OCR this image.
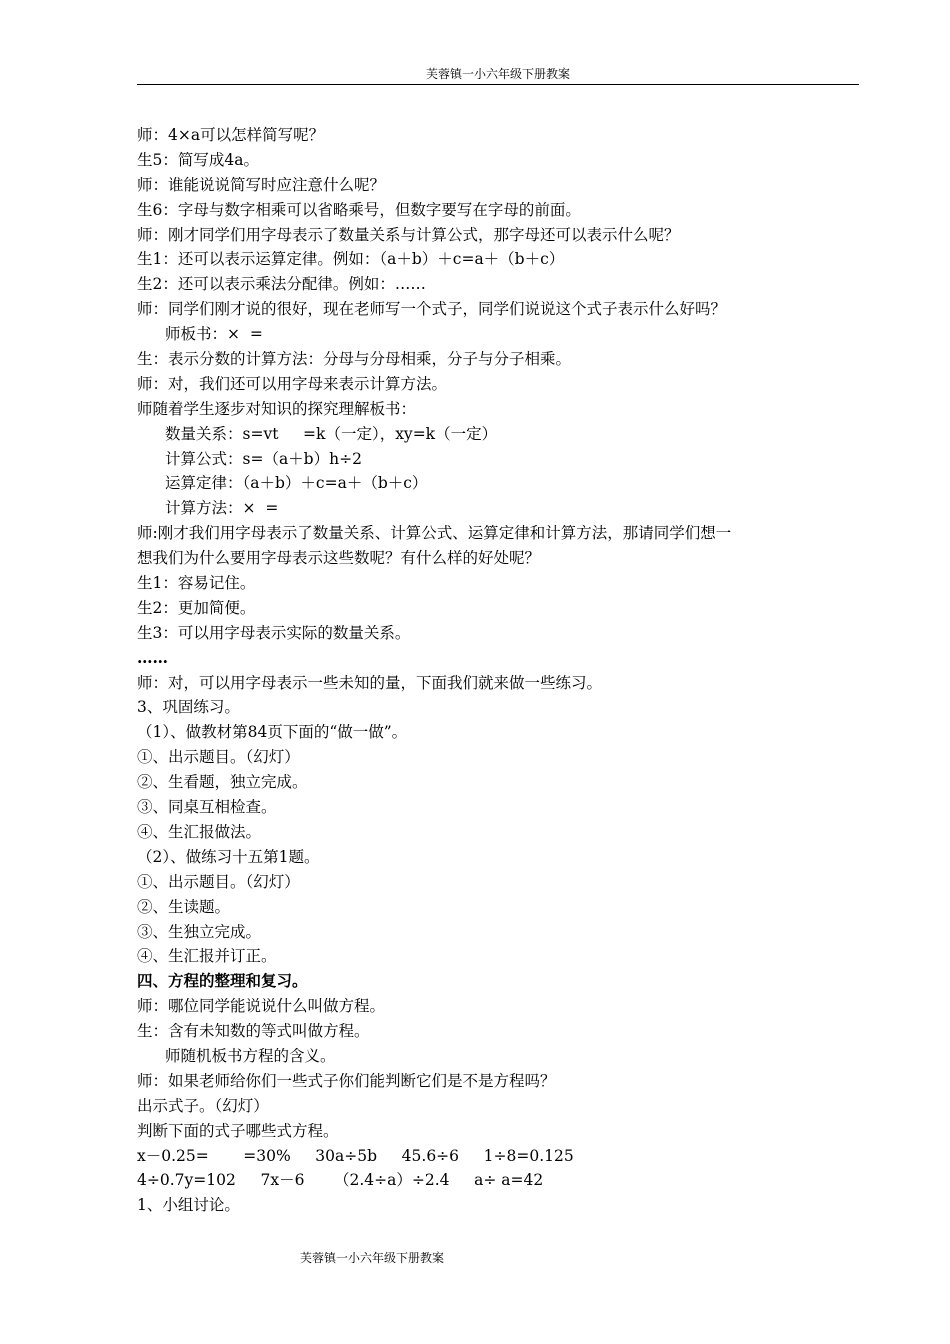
芙蓉镇一小六年级下册教案
师：4×a可以怎样简写呢？
生5：简写成4a。
师：谁能说说简写时应注意什么呢？
生6：字母与数字相乘可以省略乘号，但数字要写在字母的前面。
师：刚才同学们用字母表示了数量关系与计算公式，那字母还可以表示什么呢？
生1：还可以表示运算定律。例如：（a＋b）＋c=a＋（b＋c）
生2：还可以表示乘法分配律。例如：……
师：同学们刚才说的很好，现在老师写一个式子，同学们说说这个式子表示什么好吗？
师板书：×  =
生：表示分数的计算方法：分母与分母相乘，分子与分子相乘。
师：对，我们还可以用字母来表示计算方法。
师随着学生逐步对知识的探究理解板书：
数量关系：s=vt     =k（一定），xy=k（一定）
计算公式：s=（a＋b）h÷2
运算定律：（a＋b）＋c=a＋（b＋c）
计算方法：×  =
师:刚才我们用字母表示了数量关系、计算公式、运算定律和计算方法，那请同学们想一
想我们为什么要用字母表示这些数呢？有什么样的好处呢？
生1：容易记住。
生2：更加简便。
生3：可以用字母表示实际的数量关系。
……
师：对，可以用字母表示一些未知的量，下面我们就来做一些练习。
3、巩固练习。
（1）、做教材第84页下面的“做一做”。
①、出示题目。（幻灯）
②、生看题，独立完成。
③、同桌互相检查。
④、生汇报做法。
（2）、做练习十五第1题。
①、出示题目。（幻灯）
②、生读题。
③、生独立完成。
④、生汇报并订正。
四、方程的整理和复习。
师：哪位同学能说说什么叫做方程。
生：含有未知数的等式叫做方程。
师随机板书方程的含义。
师：如果老师给你们一些式子你们能判断它们是不是方程吗？
出示式子。（幻灯）
判断下面的式子哪些式方程。
x－0.25=       =30%     30a÷5b     45.6÷6     1÷8=0.125
4÷0.7y=102     7x－6      （2.4÷a）÷2.4     a÷ a=42
1、小组讨论。
芙蓉镇一小六年级下册教案
